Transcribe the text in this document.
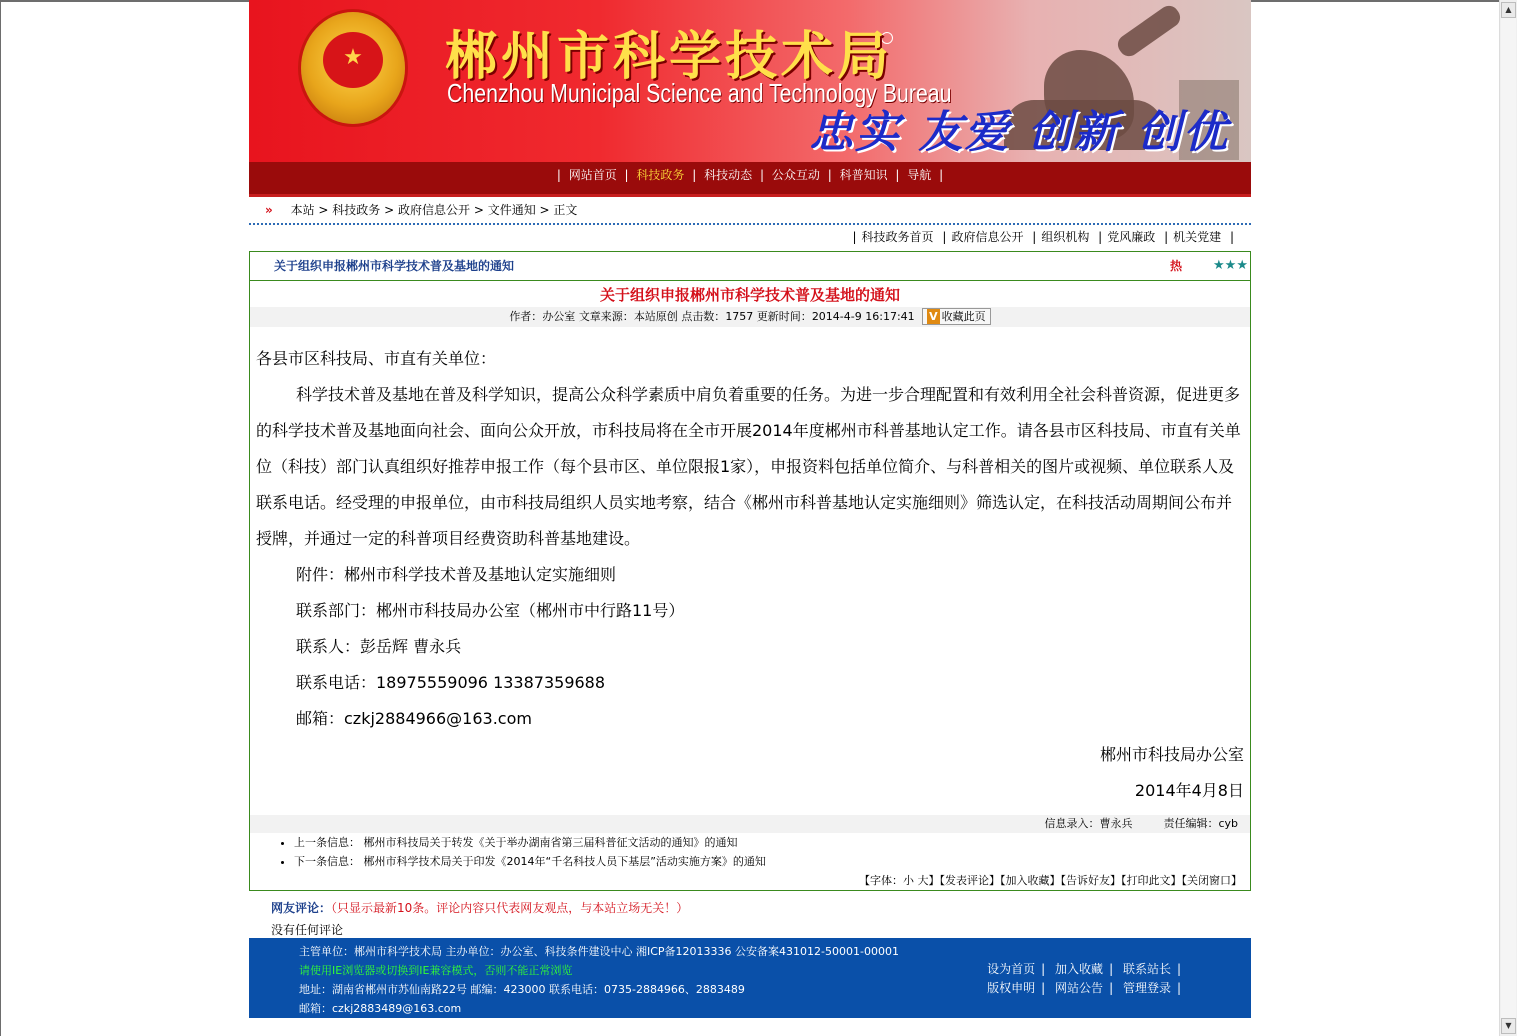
▲
▼
★	郴州市科学技术局
Chenzhou Municipal Science and Technology Bureau
忠实 友爱 创新 创优
| 网站首页 | 科技政务 | 科技动态 | 公众互动 | 科普知识 | 导航 |
» 本站 > 科技政务 > 政府信息公开 > 文件通知 > 正文
| 科技政务首页 | 政府信息公开 | 组织机构 | 党风廉政 | 机关党建 |
关于组织申报郴州市科学技术普及基地的通知	热 ★★★
关于组织申报郴州市科学技术普及基地的通知
作者：办公室 文章来源：本站原创 点击数：1757 更新时间：2014-4-9 16:17:41 V 收藏此页

各县市区科技局、市直有关单位：

科学技术普及基地在普及科学知识，提高公众科学素质中肩负着重要的任务。为进一步合理配置和有效利用全社会科普资源，促进更多的科学技术普及基地面向社会、面向公众开放，市科技局将在全市开展2014年度郴州市科普基地认定工作。请各县市区科技局、市直有关单位（科技）部门认真组织好推荐申报工作（每个县市区、单位限报1家），申报资料包括单位简介、与科普相关的图片或视频、单位联系人及联系电话。经受理的申报单位，由市科技局组织人员实地考察，结合《郴州市科普基地认定实施细则》筛选认定，在科技活动周期间公布并授牌，并通过一定的科普项目经费资助科普基地建设。

附件：郴州市科学技术普及基地认定实施细则

联系部门：郴州市科技局办公室（郴州市中行路11号）

联系人：彭岳辉 曹永兵

联系电话：18975559096 13387359688

邮箱：czkj2884966@163.com

郴州市科技局办公室

2014年4月8日

信息录入：曹永兵	责任编辑：cyb
• 上一条信息： 郴州市科技局关于转发《关于举办湖南省第三届科普征文活动的通知》的通知
• 下一条信息： 郴州市科学技术局关于印发《2014年“千名科技人员下基层”活动实施方案》的通知
【字体：小 大】【发表评论】【加入收藏】【告诉好友】【打印此文】【关闭窗口】
网友评论：（只显示最新10条。评论内容只代表网友观点，与本站立场无关！）
没有任何评论
主管单位：郴州市科学技术局 主办单位：办公室、科技条件建设中心 湘ICP备12013336 公安备案431012-50001-00001
请使用IE浏览器或切换到IE兼容模式，否则不能正常浏览
地址：湖南省郴州市苏仙南路22号 邮编：423000 联系电话：0735-2884966、2883489
邮箱：czkj2883489@163.com
设为首页 | 加入收藏 | 联系站长 |
版权申明 | 网站公告 | 管理登录 |
